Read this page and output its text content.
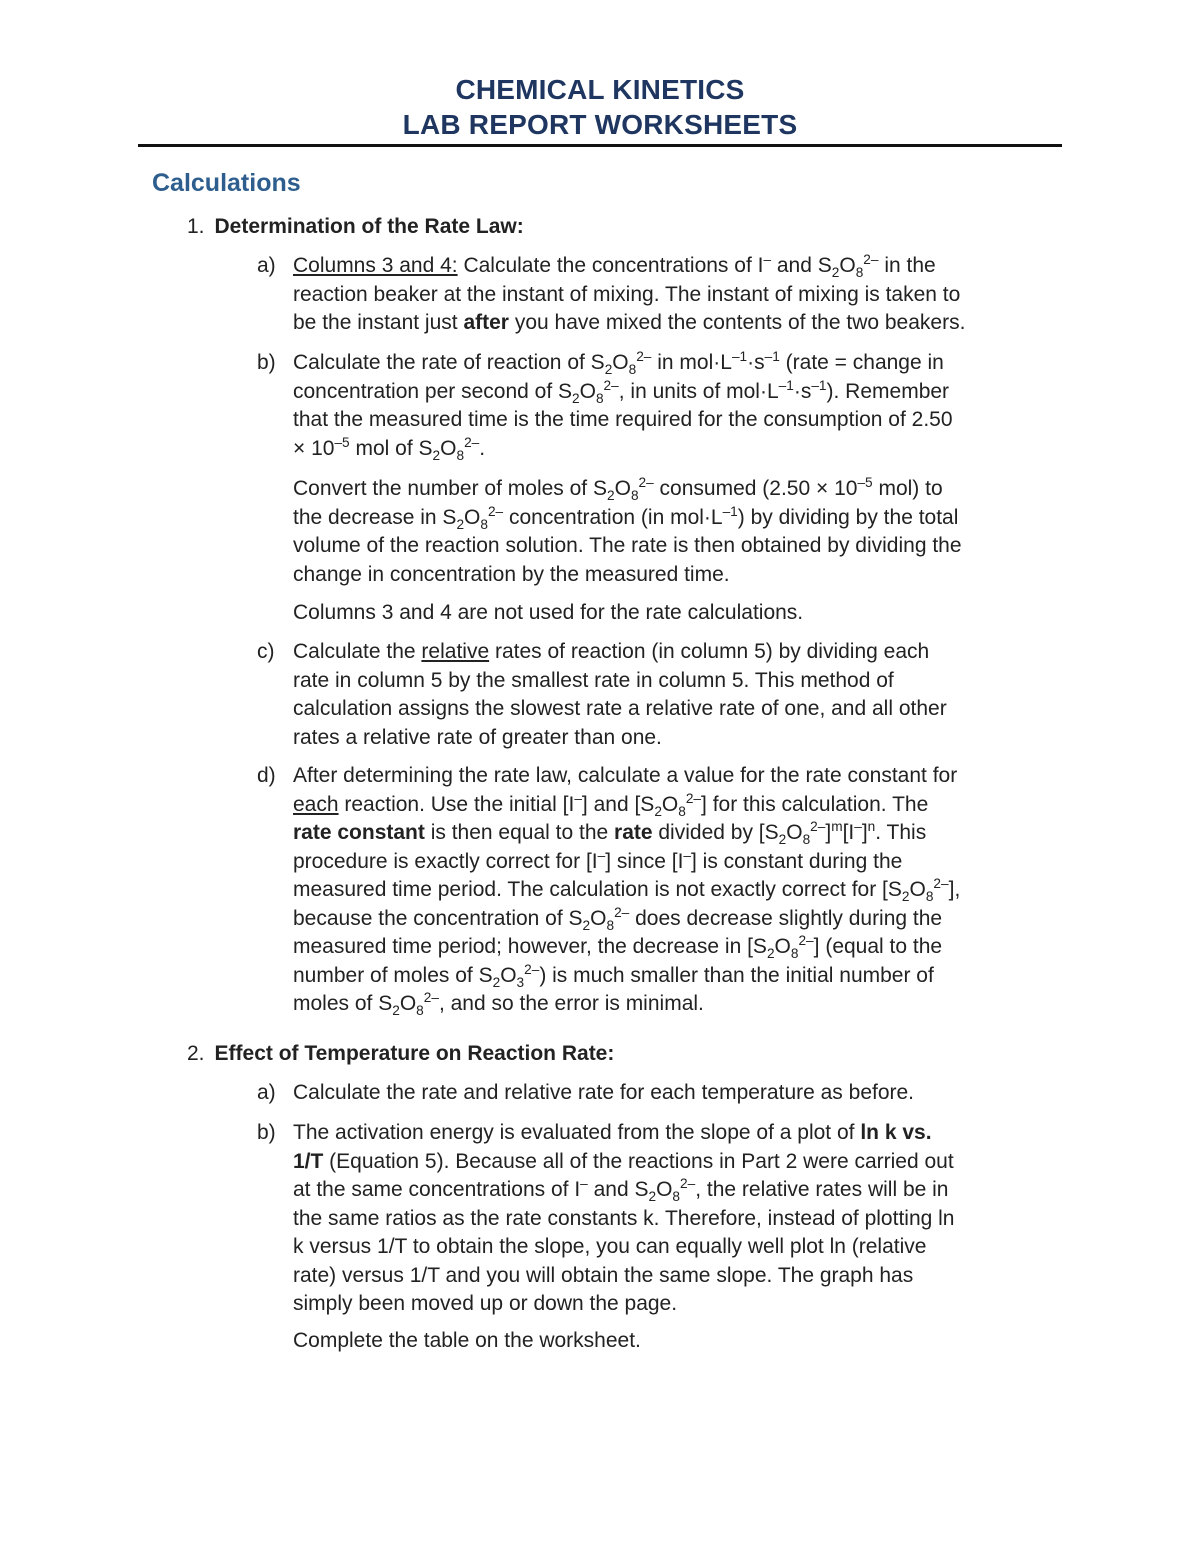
CHEMICAL KINETICS
LAB REPORT WORKSHEETS
Calculations
1. Determination of the Rate Law:
a) Columns 3 and 4: Calculate the concentrations of I– and $S_2O_8^{2-}$ in the
reaction beaker at the instant of mixing. The instant of mixing is taken to
be the instant just after you have mixed the contents of the two beakers.
b) Calculate the rate of reaction of $S_2O_8^{2-}$ in $mol\cdot L^{-1}\cdot s^{-1}$ (rate = change in
concentration per second of $S_2O_8^{2-}$, in units of $mol\cdot L^{-1}\cdot s^{-1}$). Remember
that the measured time is the time required for the consumption of 2.50
× $10^{-5}$ mol of $S_2O_8^{2-}$.
Convert the number of moles of $S_2O_8^{2-}$ consumed ($2.50 \times 10^{-5}$ mol) to
the decrease in $S_2O_8^{2-}$ concentration (in $mol\cdot L^{-1}$) by dividing by the total
volume of the reaction solution. The rate is then obtained by dividing the
change in concentration by the measured time.
Columns 3 and 4 are not used for the rate calculations.
c) Calculate the relative rates of reaction (in column 5) by dividing each
rate in column 5 by the smallest rate in column 5. This method of
calculation assigns the slowest rate a relative rate of one, and all other
rates a relative rate of greater than one.
d) After determining the rate law, calculate a value for the rate constant for
each reaction. Use the initial [I–] and $[S_2O_8^{2-}]$ for this calculation. The
rate constant is then equal to the rate divided by $[S_2O_8^{2-}]^m[I^-]^n$. This
procedure is exactly correct for [I–] since [I–] is constant during the
measured time period. The calculation is not exactly correct for $[S_2O_8^{2-}]$,
because the concentration of $S_2O_8^{2-}$ does decrease slightly during the
measured time period; however, the decrease in $[S_2O_8^{2-}]$ (equal to the
number of moles of $S_2O_3^{2-}$) is much smaller than the initial number of
moles of $S_2O_8^{2-}$, and so the error is minimal.
2. Effect of Temperature on Reaction Rate:
a) Calculate the rate and relative rate for each temperature as before.
b) The activation energy is evaluated from the slope of a plot of ln k vs.
1/T (Equation 5). Because all of the reactions in Part 2 were carried out
at the same concentrations of I– and $S_2O_8^{2-}$, the relative rates will be in
the same ratios as the rate constants k. Therefore, instead of plotting ln
k versus 1/T to obtain the slope, you can equally well plot ln (relative
rate) versus 1/T and you will obtain the same slope. The graph has
simply been moved up or down the page.
Complete the table on the worksheet.
